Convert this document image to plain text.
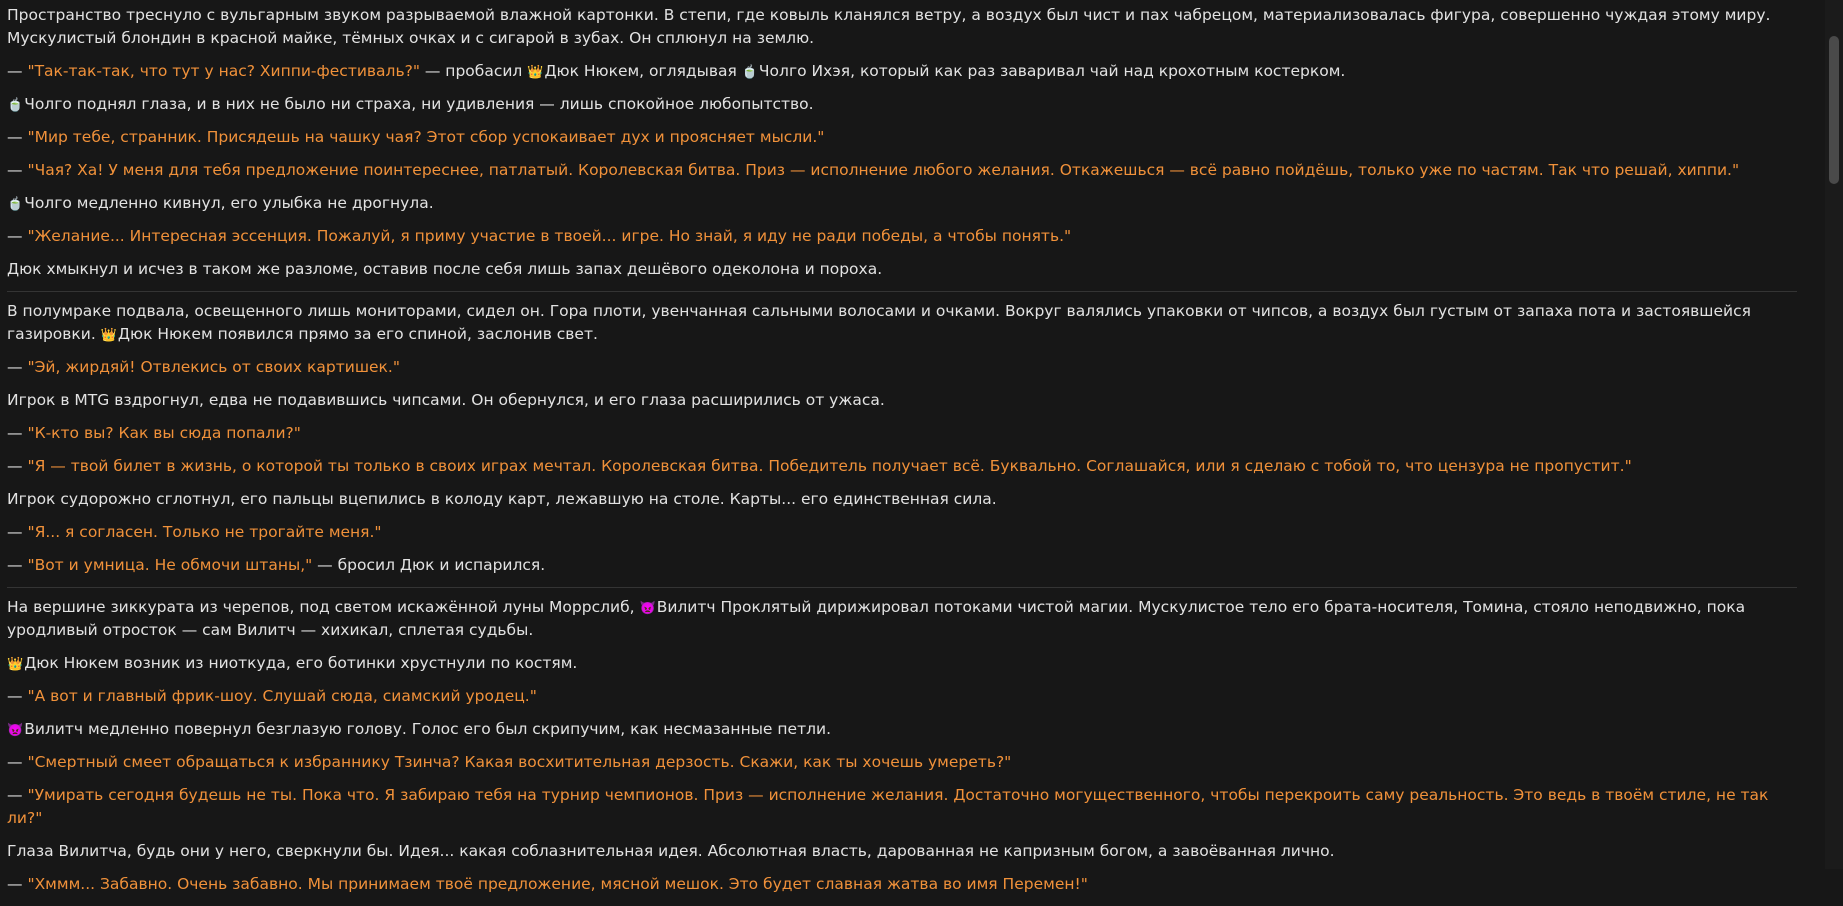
Пространство треснуло с вульгарным звуком разрываемой влажной картонки. В степи, где ковыль кланялся ветру, а воздух был чист и пах чабрецом, материализовалась фигура, совершенно чуждая этому миру. Мускулистый блондин в красной майке, тёмных очках и с сигарой в зубах. Он сплюнул на землю.

— "Так-так-так, что тут у нас? Хиппи-фестиваль?" — пробасил 👑Дюк Нюкем, оглядывая 🍵Чолго Ихэя, который как раз заваривал чай над крохотным костерком.

🍵Чолго поднял глаза, и в них не было ни страха, ни удивления — лишь спокойное любопытство.

— "Мир тебе, странник. Присядешь на чашку чая? Этот сбор успокаивает дух и проясняет мысли."

— "Чая? Ха! У меня для тебя предложение поинтереснее, патлатый. Королевская битва. Приз — исполнение любого желания. Откажешься — всё равно пойдёшь, только уже по частям. Так что решай, хиппи."

🍵Чолго медленно кивнул, его улыбка не дрогнула.

— "Желание... Интересная эссенция. Пожалуй, я приму участие в твоей... игре. Но знай, я иду не ради победы, а чтобы понять."

Дюк хмыкнул и исчез в таком же разломе, оставив после себя лишь запах дешёвого одеколона и пороха.

В полумраке подвала, освещенного лишь мониторами, сидел он. Гора плоти, увенчанная сальными волосами и очками. Вокруг валялись упаковки от чипсов, а воздух был густым от запаха пота и застоявшейся газировки. 👑Дюк Нюкем появился прямо за его спиной, заслонив свет.

— "Эй, жирдяй! Отвлекись от своих картишек."

Игрок в MTG вздрогнул, едва не подавившись чипсами. Он обернулся, и его глаза расширились от ужаса.

— "К-кто вы? Как вы сюда попали?"

— "Я — твой билет в жизнь, о которой ты только в своих играх мечтал. Королевская битва. Победитель получает всё. Буквально. Соглашайся, или я сделаю с тобой то, что цензура не пропустит."

Игрок судорожно сглотнул, его пальцы вцепились в колоду карт, лежавшую на столе. Карты... его единственная сила.

— "Я... я согласен. Только не трогайте меня."

— "Вот и умница. Не обмочи штаны," — бросил Дюк и испарился.

На вершине зиккурата из черепов, под светом искажённой луны Моррслиб, 👿Вилитч Проклятый дирижировал потоками чистой магии. Мускулистое тело его брата-носителя, Томина, стояло неподвижно, пока уродливый отросток — сам Вилитч — хихикал, сплетая судьбы.

👑Дюк Нюкем возник из ниоткуда, его ботинки хрустнули по костям.

— "А вот и главный фрик-шоу. Слушай сюда, сиамский уродец."

👿Вилитч медленно повернул безглазую голову. Голос его был скрипучим, как несмазанные петли.

— "Смертный смеет обращаться к избраннику Тзинча? Какая восхитительная дерзость. Скажи, как ты хочешь умереть?"

— "Умирать сегодня будешь не ты. Пока что. Я забираю тебя на турнир чемпионов. Приз — исполнение желания. Достаточно могущественного, чтобы перекроить саму реальность. Это ведь в твоём стиле, не так ли?"

Глаза Вилитча, будь они у него, сверкнули бы. Идея... какая соблазнительная идея. Абсолютная власть, дарованная не капризным богом, а завоёванная лично.

— "Хммм... Забавно. Очень забавно. Мы принимаем твоё предложение, мясной мешок. Это будет славная жатва во имя Перемен!"
